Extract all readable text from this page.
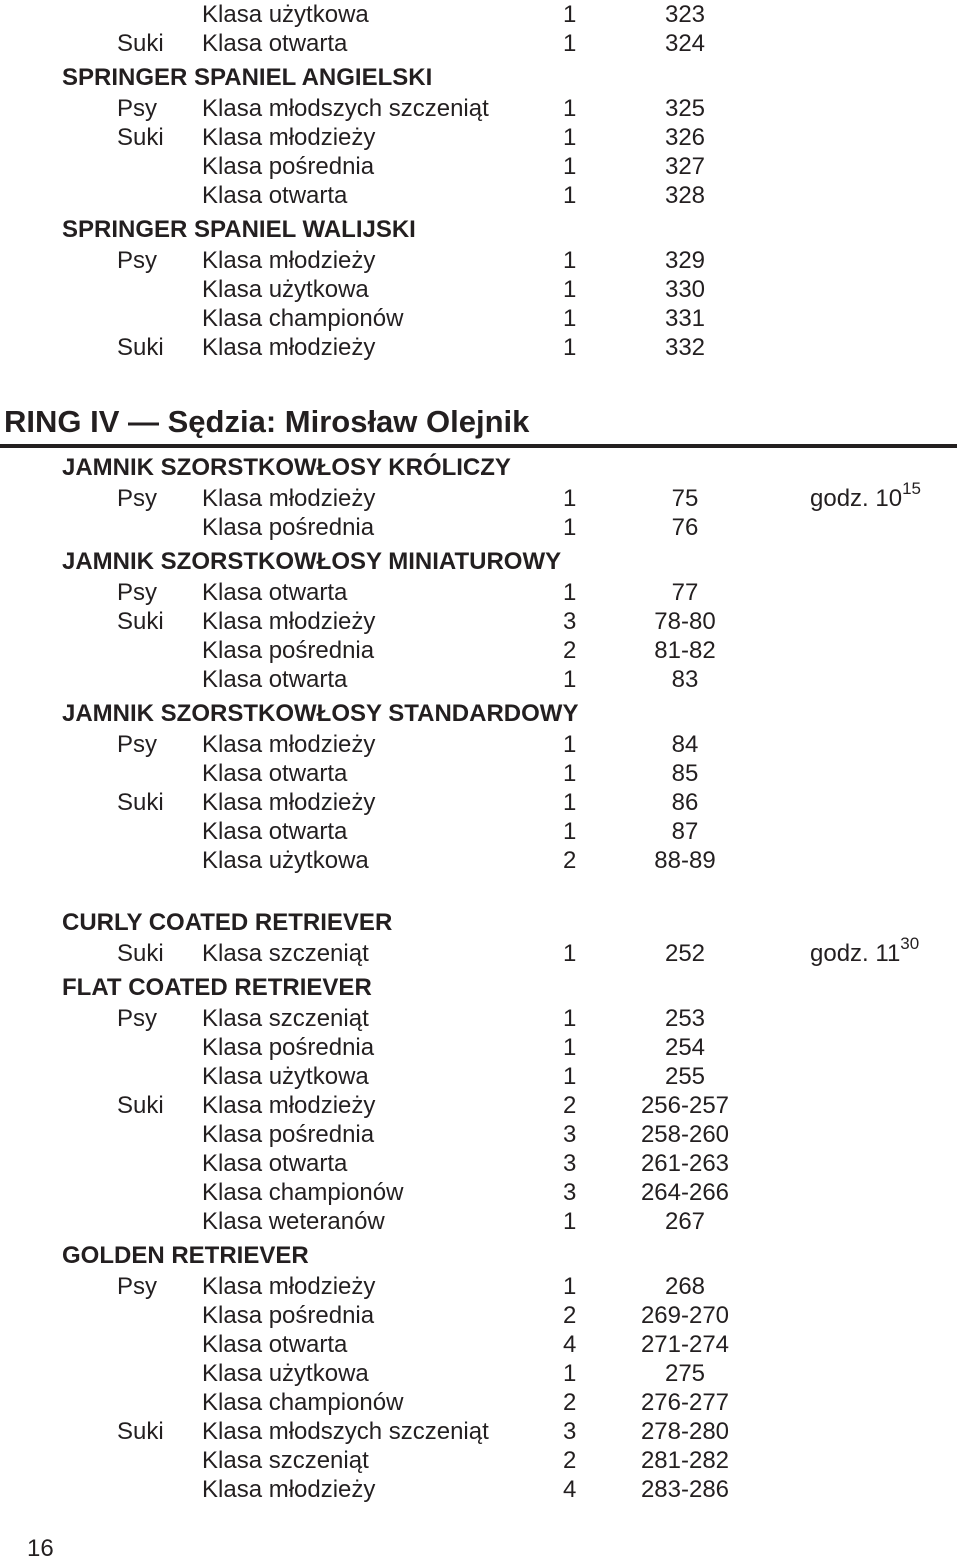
Klasa użytkowa	1	323
Suki Klasa otwarta	1	324
SPRINGER SPANIEL ANGIELSKI
Psy Klasa młodszych szczeniąt	1	325
Suki Klasa młodzieży	1	326
Klasa pośrednia	1	327
Klasa otwarta	1	328
SPRINGER SPANIEL WALIJSKI
Psy Klasa młodzieży	1	329
Klasa użytkowa	1	330
Klasa championów	1	331
Suki Klasa młodzieży	1	332
RING IV — Sędzia: Mirosław Olejnik
JAMNIK SZORSTKOWŁOSY KRÓLICZY
Psy Klasa młodzieży	1	75	godz. $10^{15}$
Klasa pośrednia	1	76
JAMNIK SZORSTKOWŁOSY MINIATUROWY
Psy Klasa otwarta	1	77
Suki Klasa młodzieży	3	78-80
Klasa pośrednia	2	81-82
Klasa otwarta	1	83
JAMNIK SZORSTKOWŁOSY STANDARDOWY
Psy Klasa młodzieży	1	84
Klasa otwarta	1	85
Suki Klasa młodzieży	1	86
Klasa otwarta	1	87
Klasa użytkowa	2	88-89
CURLY COATED RETRIEVER
Suki Klasa szczeniąt	1	252	godz. $11^{30}$
FLAT COATED RETRIEVER
Psy Klasa szczeniąt	1	253
Klasa pośrednia	1	254
Klasa użytkowa	1	255
Suki Klasa młodzieży	2	256-257
Klasa pośrednia	3	258-260
Klasa otwarta	3	261-263
Klasa championów	3	264-266
Klasa weteranów	1	267
GOLDEN RETRIEVER
Psy Klasa młodzieży	1	268
Klasa pośrednia	2	269-270
Klasa otwarta	4	271-274
Klasa użytkowa	1	275
Klasa championów	2	276-277
Suki Klasa młodszych szczeniąt	3	278-280
Klasa szczeniąt	2	281-282
Klasa młodzieży	4	283-286
16
